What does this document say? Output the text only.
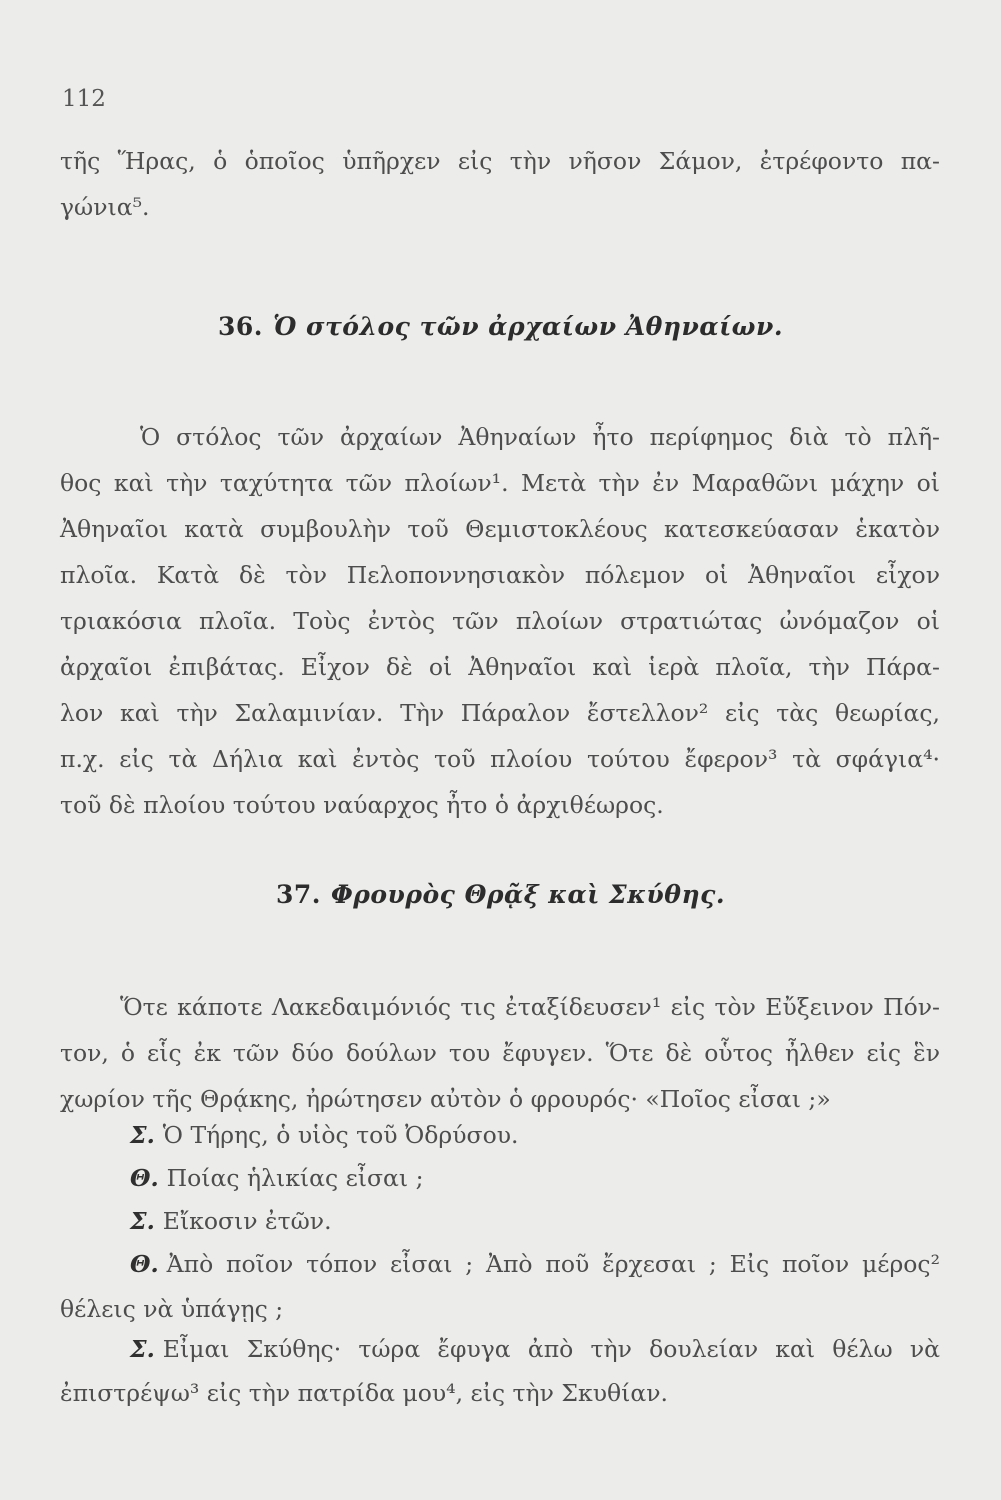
112
τῆς Ἥρας, ὁ ὁποῖος ὑπῆρχεν εἰς τὴν νῆσον Σάμον, ἐτρέφοντο πα-
γώνια⁵.
36. Ὁ στόλος τῶν ἀρχαίων Ἀθηναίων.
Ὁ στόλος τῶν ἀρχαίων Ἀθηναίων ἦτο περίφημος διὰ τὸ πλῆ-
θος καὶ τὴν ταχύτητα τῶν πλοίων¹. Μετὰ τὴν ἐν Μαραθῶνι μάχην οἱ
Ἀθηναῖοι κατὰ συμβουλὴν τοῦ Θεμιστοκλέους κατεσκεύασαν ἑκατὸν
πλοῖα. Κατὰ δὲ τὸν Πελοποννησιακὸν πόλεμον οἱ Ἀθηναῖοι εἶχον
τριακόσια πλοῖα. Τοὺς ἐντὸς τῶν πλοίων στρατιώτας ὠνόμαζον οἱ
ἀρχαῖοι ἐπιβάτας. Εἶχον δὲ οἱ Ἀθηναῖοι καὶ ἱερὰ πλοῖα, τὴν Πάρα-
λον καὶ τὴν Σαλαμινίαν. Τὴν Πάραλον ἔστελλον² εἰς τὰς θεωρίας,
π.χ. εἰς τὰ Δήλια καὶ ἐντὸς τοῦ πλοίου τούτου ἔφερον³ τὰ σφάγια⁴·
τοῦ δὲ πλοίου τούτου ναύαρχος ἦτο ὁ ἀρχιθέωρος.
37. Φρουρὸς Θρᾷξ καὶ Σκύθης.
Ὅτε κάποτε Λακεδαιμόνιός τις ἐταξίδευσεν¹ εἰς τὸν Εὔξεινον Πόν-
τον, ὁ εἷς ἐκ τῶν δύο δούλων του ἔφυγεν. Ὅτε δὲ οὗτος ἦλθεν εἰς ἓν
χωρίον τῆς Θρᾴκης, ἠρώτησεν αὐτὸν ὁ φρουρός· «Ποῖος εἶσαι ;»
Σ. Ὁ Τήρης, ὁ υἱὸς τοῦ Ὀδρύσου.
Θ. Ποίας ἡλικίας εἶσαι ;
Σ. Εἴκοσιν ἐτῶν.
Θ. Ἀπὸ ποῖον τόπον εἶσαι ; Ἀπὸ ποῦ ἔρχεσαι ; Εἰς ποῖον μέρος²
θέλεις νὰ ὑπάγῃς ;
Σ. Εἶμαι Σκύθης· τώρα ἔφυγα ἀπὸ τὴν δουλείαν καὶ θέλω νὰ
ἐπιστρέψω³ εἰς τὴν πατρίδα μου⁴, εἰς τὴν Σκυθίαν.
